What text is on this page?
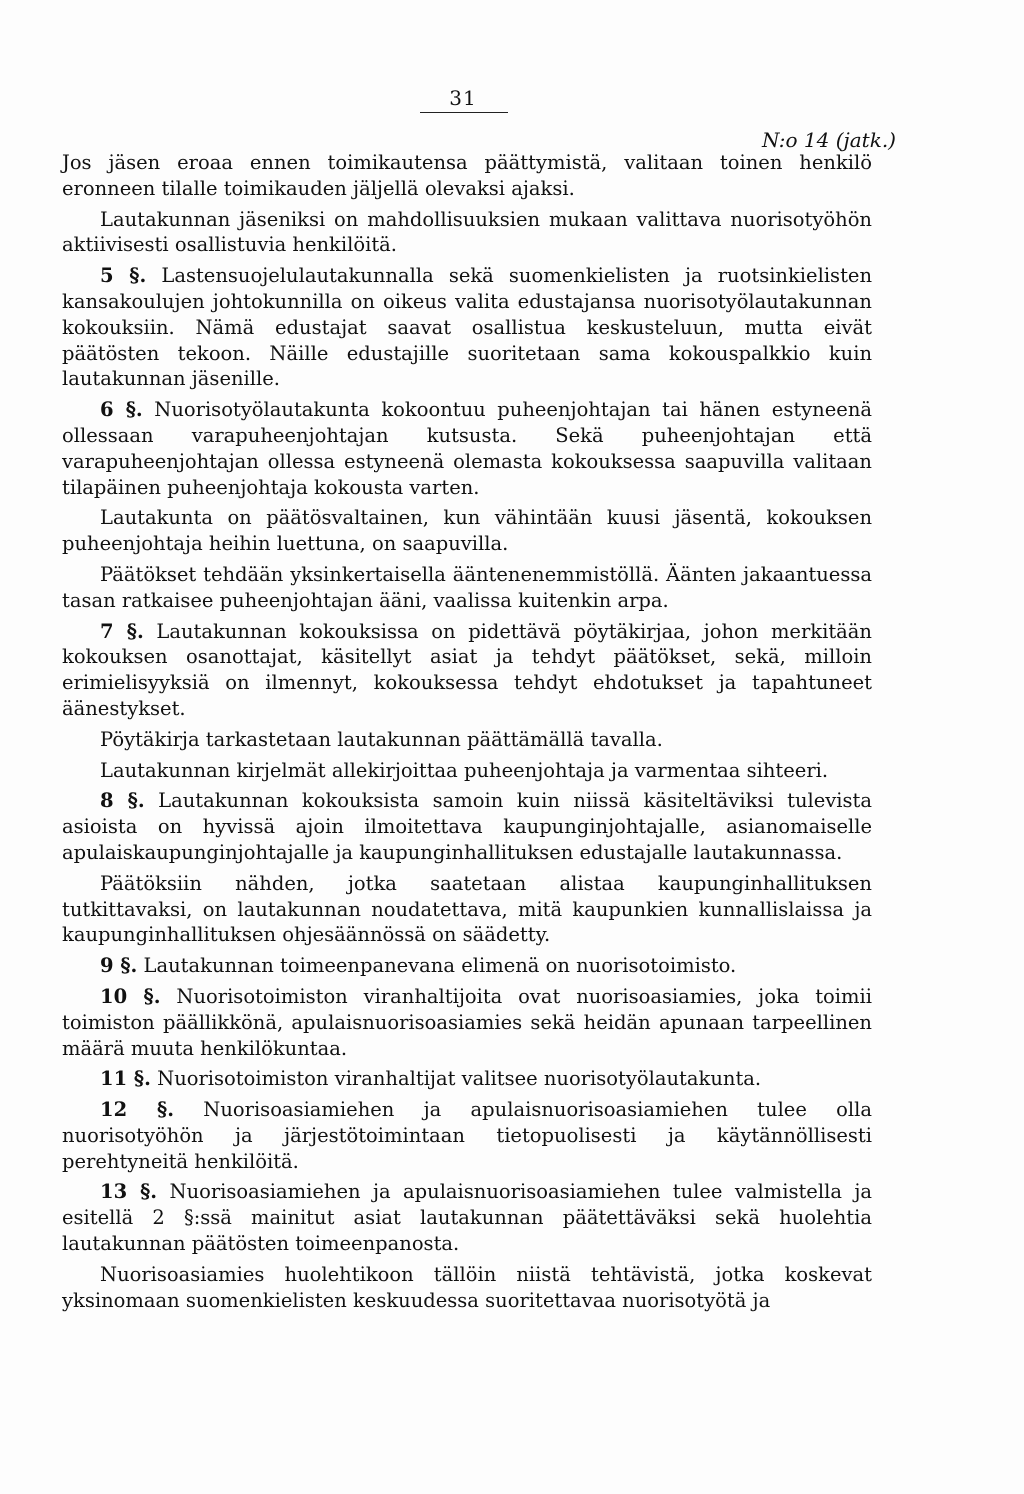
31
N:o 14 (jatk.)

Jos jäsen eroaa ennen toimikautensa päättymistä, valitaan toinen henkilö eronneen tilalle toimikauden jäljellä olevaksi ajaksi.

Lautakunnan jäseniksi on mahdollisuuksien mukaan valittava nuorisotyöhön aktiivisesti osallistuvia henkilöitä.

5 §. Lastensuojelulautakunnalla sekä suomenkielisten ja ruotsinkielisten kansakoulujen johtokunnilla on oikeus valita edustajansa nuorisotyölautakunnan kokouksiin. Nämä edustajat saavat osallistua keskusteluun, mutta eivät päätösten tekoon. Näille edustajille suoritetaan sama kokouspalkkio kuin lautakunnan jäsenille.

6 §. Nuorisotyölautakunta kokoontuu puheenjohtajan tai hänen estyneenä ollessaan varapuheenjohtajan kutsusta. Sekä puheenjohtajan että varapuheenjohtajan ollessa estyneenä olemasta kokouksessa saapuvilla valitaan tilapäinen puheenjohtaja kokousta varten.

Lautakunta on päätösvaltainen, kun vähintään kuusi jäsentä, kokouksen puheenjohtaja heihin luettuna, on saapuvilla.

Päätökset tehdään yksinkertaisella ääntenenemmistöllä. Äänten jakaantuessa tasan ratkaisee puheenjohtajan ääni, vaalissa kuitenkin arpa.

7 §. Lautakunnan kokouksissa on pidettävä pöytäkirjaa, johon merkitään kokouksen osanottajat, käsitellyt asiat ja tehdyt päätökset, sekä, milloin erimielisyyksiä on ilmennyt, kokouksessa tehdyt ehdotukset ja tapahtuneet äänestykset.

Pöytäkirja tarkastetaan lautakunnan päättämällä tavalla.

Lautakunnan kirjelmät allekirjoittaa puheenjohtaja ja varmentaa sihteeri.

8 §. Lautakunnan kokouksista samoin kuin niissä käsiteltäviksi tulevista asioista on hyvissä ajoin ilmoitettava kaupunginjohtajalle, asianomaiselle apulaiskaupunginjohtajalle ja kaupunginhallituksen edustajalle lautakunnassa.

Päätöksiin nähden, jotka saatetaan alistaa kaupunginhallituksen tutkittavaksi, on lautakunnan noudatettava, mitä kaupunkien kunnallislaissa ja kaupunginhallituksen ohjesäännössä on säädetty.

9 §. Lautakunnan toimeenpanevana elimenä on nuorisotoimisto.

10 §. Nuorisotoimiston viranhaltijoita ovat nuorisoasiamies, joka toimii toimiston päällikkönä, apulaisnuorisoasiamies sekä heidän apunaan tarpeellinen määrä muuta henkilökuntaa.

11 §. Nuorisotoimiston viranhaltijat valitsee nuorisotyölautakunta.

12 §. Nuorisoasiamiehen ja apulaisnuorisoasiamiehen tulee olla nuorisotyöhön ja järjestötoimintaan tietopuolisesti ja käytännöllisesti perehtyneitä henkilöitä.

13 §. Nuorisoasiamiehen ja apulaisnuorisoasiamiehen tulee valmistella ja esitellä 2 §:ssä mainitut asiat lautakunnan päätettäväksi sekä huolehtia lautakunnan päätösten toimeenpanosta.

Nuorisoasiamies huolehtikoon tällöin niistä tehtävistä, jotka koskevat yksinomaan suomenkielisten keskuudessa suoritettavaa nuorisotyötä ja
